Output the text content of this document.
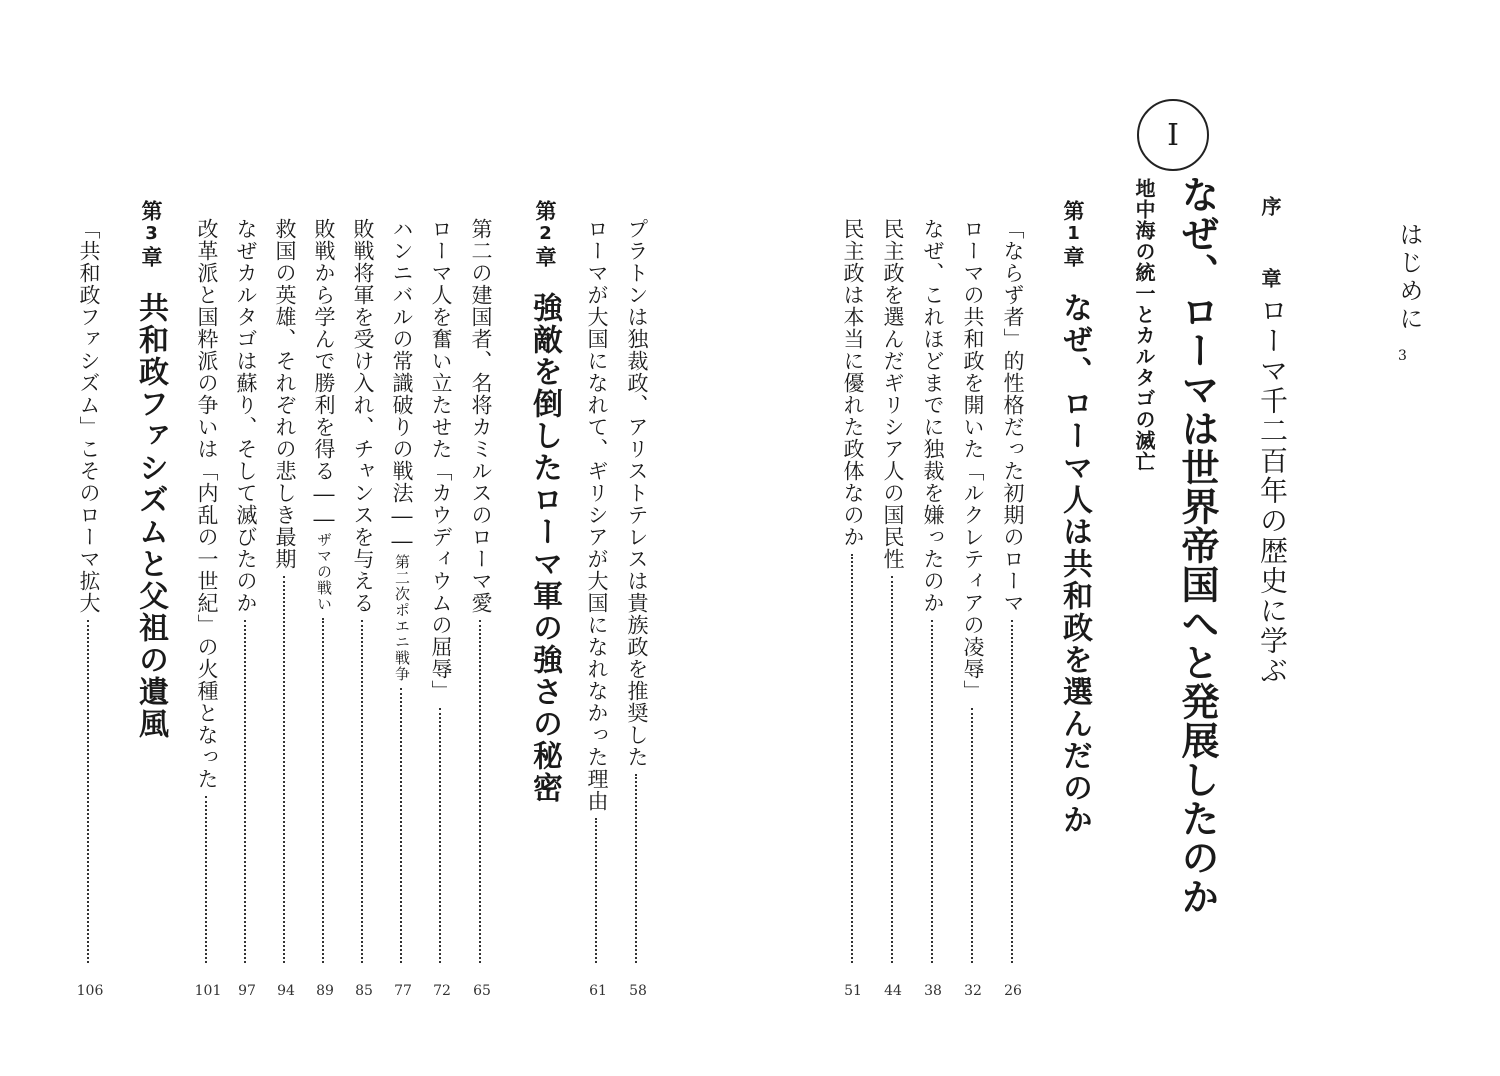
はじめに
3
序　章
ローマ千二百年の歴史に学ぶ
I
なぜ、ローマは世界帝国へと発展したのか
地中海の統一とカルタゴの滅亡
第1章
なぜ、ローマ人は共和政を選んだのか
「ならず者」的性格だった初期のローマ
ローマの共和政を開いた「ルクレティアの凌辱」
なぜ、これほどまでに独裁を嫌ったのか
民主政を選んだギリシア人の国民性
民主政は本当に優れた政体なのか
26
32
38
44
51
プラトンは独裁政、アリストテレスは貴族政を推奨した
ローマが大国になれて、ギリシアが大国になれなかった理由
58
61
第2章
強敵を倒したローマ軍の強さの秘密
第二の建国者、名将カミルスのローマ愛
ローマ人を奮い立たせた「カウディウムの屈辱」
ハンニバルの常識破りの戦法――
第二次ポエニ戦争
敗戦将軍を受け入れ、チャンスを与える
敗戦から学んで勝利を得る――
ザマの戦い
救国の英雄、それぞれの悲しき最期
なぜカルタゴは蘇り、そして滅びたのか
改革派と国粋派の争いは「内乱の一世紀」の火種となった
65
72
77
85
89
94
97
101
第3章
共和政ファシズムと父祖の遺風
「共和政ファシズム」こそのローマ拡大
106
